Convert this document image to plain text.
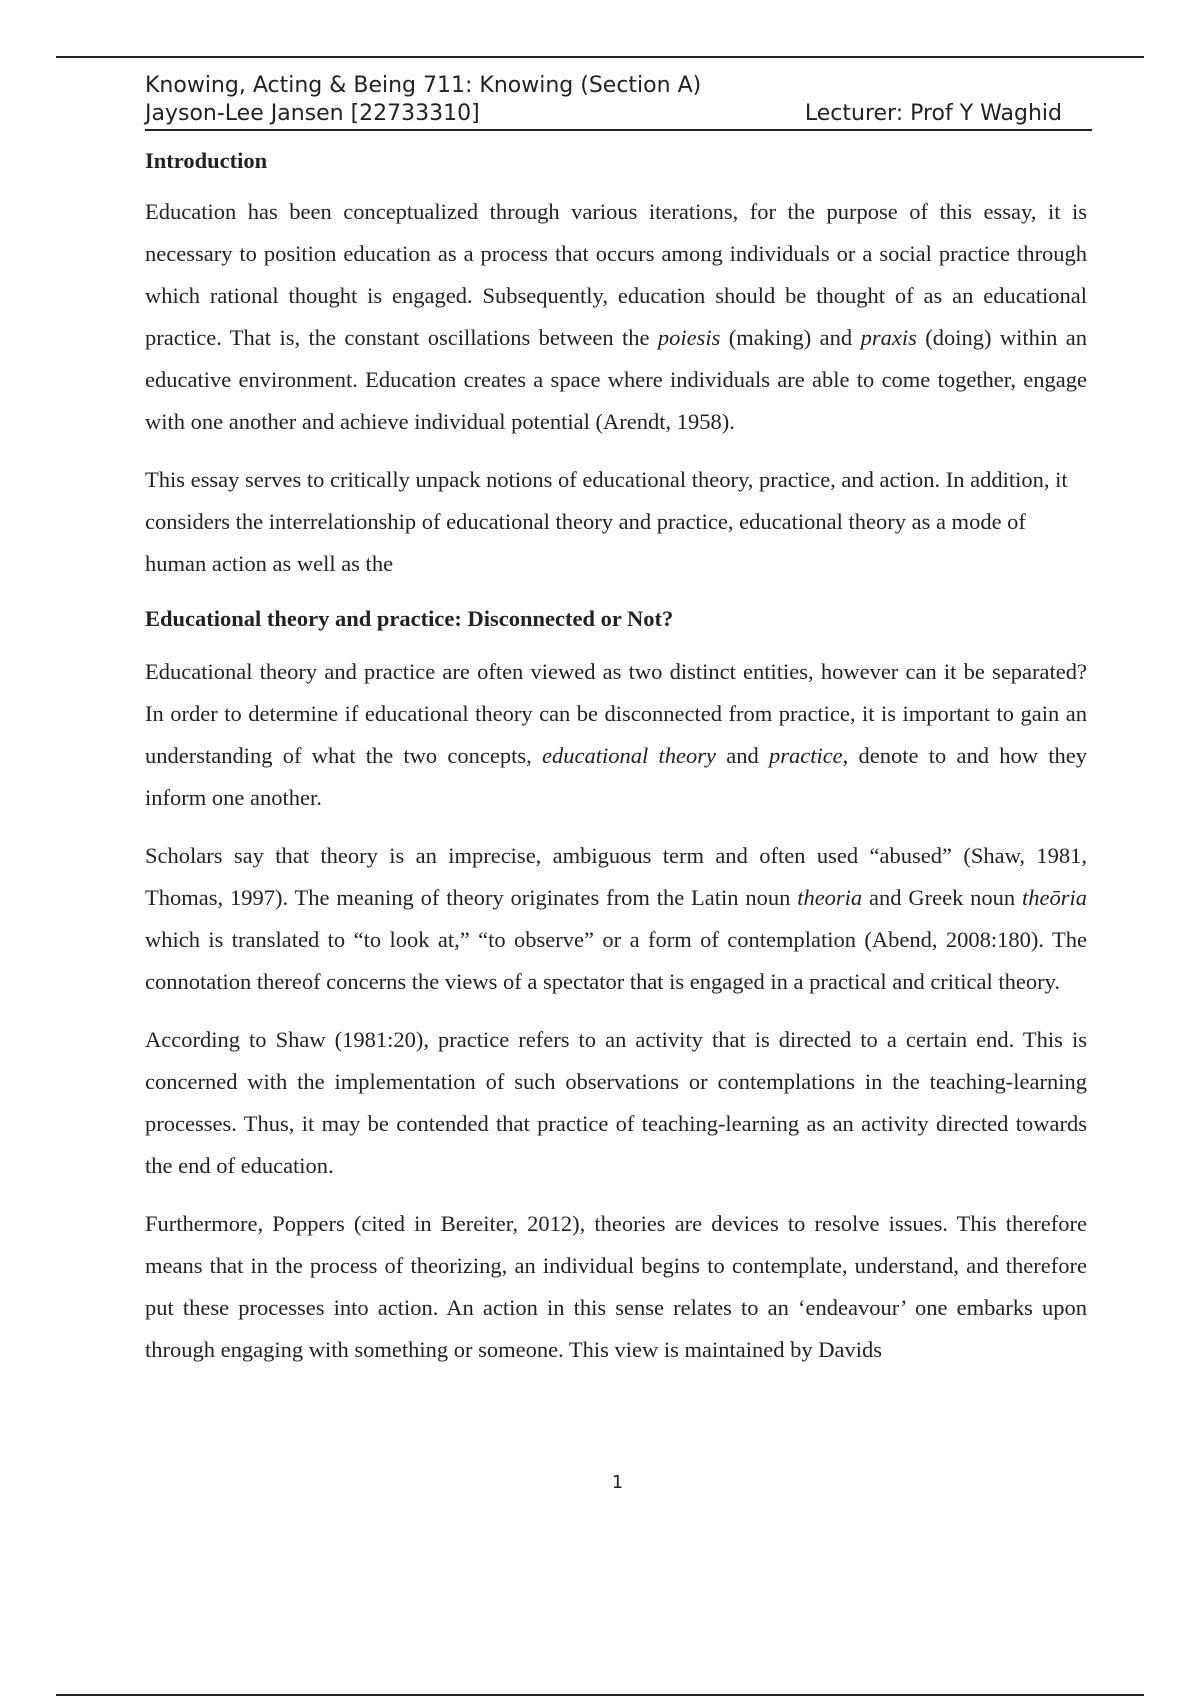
Knowing, Acting & Being 711: Knowing (Section A)
Jayson-Lee Jansen [22733310]	Lecturer: Prof Y Waghid
Introduction

Education has been conceptualized through various iterations, for the purpose of this essay, it is necessary to position education as a process that occurs among individuals or a social practice through which rational thought is engaged. Subsequently, education should be thought of as an educational practice. That is, the constant oscillations between the poiesis (making) and praxis (doing) within an educative environment. Education creates a space where individuals are able to come together, engage with one another and achieve individual potential (Arendt, 1958).

This essay serves to critically unpack notions of educational theory, practice, and action. In addition, it considers the interrelationship of educational theory and practice, educational theory as a mode of human action as well as the

Educational theory and practice: Disconnected or Not?

Educational theory and practice are often viewed as two distinct entities, however can it be separated? In order to determine if educational theory can be disconnected from practice, it is important to gain an understanding of what the two concepts, educational theory and practice, denote to and how they inform one another.

Scholars say that theory is an imprecise, ambiguous term and often used “abused” (Shaw, 1981, Thomas, 1997). The meaning of theory originates from the Latin noun theoria and Greek noun theōria which is translated to “to look at,” “to observe” or a form of contemplation (Abend, 2008:180). The connotation thereof concerns the views of a spectator that is engaged in a practical and critical theory.

According to Shaw (1981:20), practice refers to an activity that is directed to a certain end. This is concerned with the implementation of such observations or contemplations in the teaching-learning processes. Thus, it may be contended that practice of teaching-learning as an activity directed towards the end of education.

Furthermore, Poppers (cited in Bereiter, 2012), theories are devices to resolve issues. This therefore means that in the process of theorizing, an individual begins to contemplate, understand, and therefore put these processes into action. An action in this sense relates to an ‘endeavour’ one embarks upon through engaging with something or someone. This view is maintained by Davids

1
